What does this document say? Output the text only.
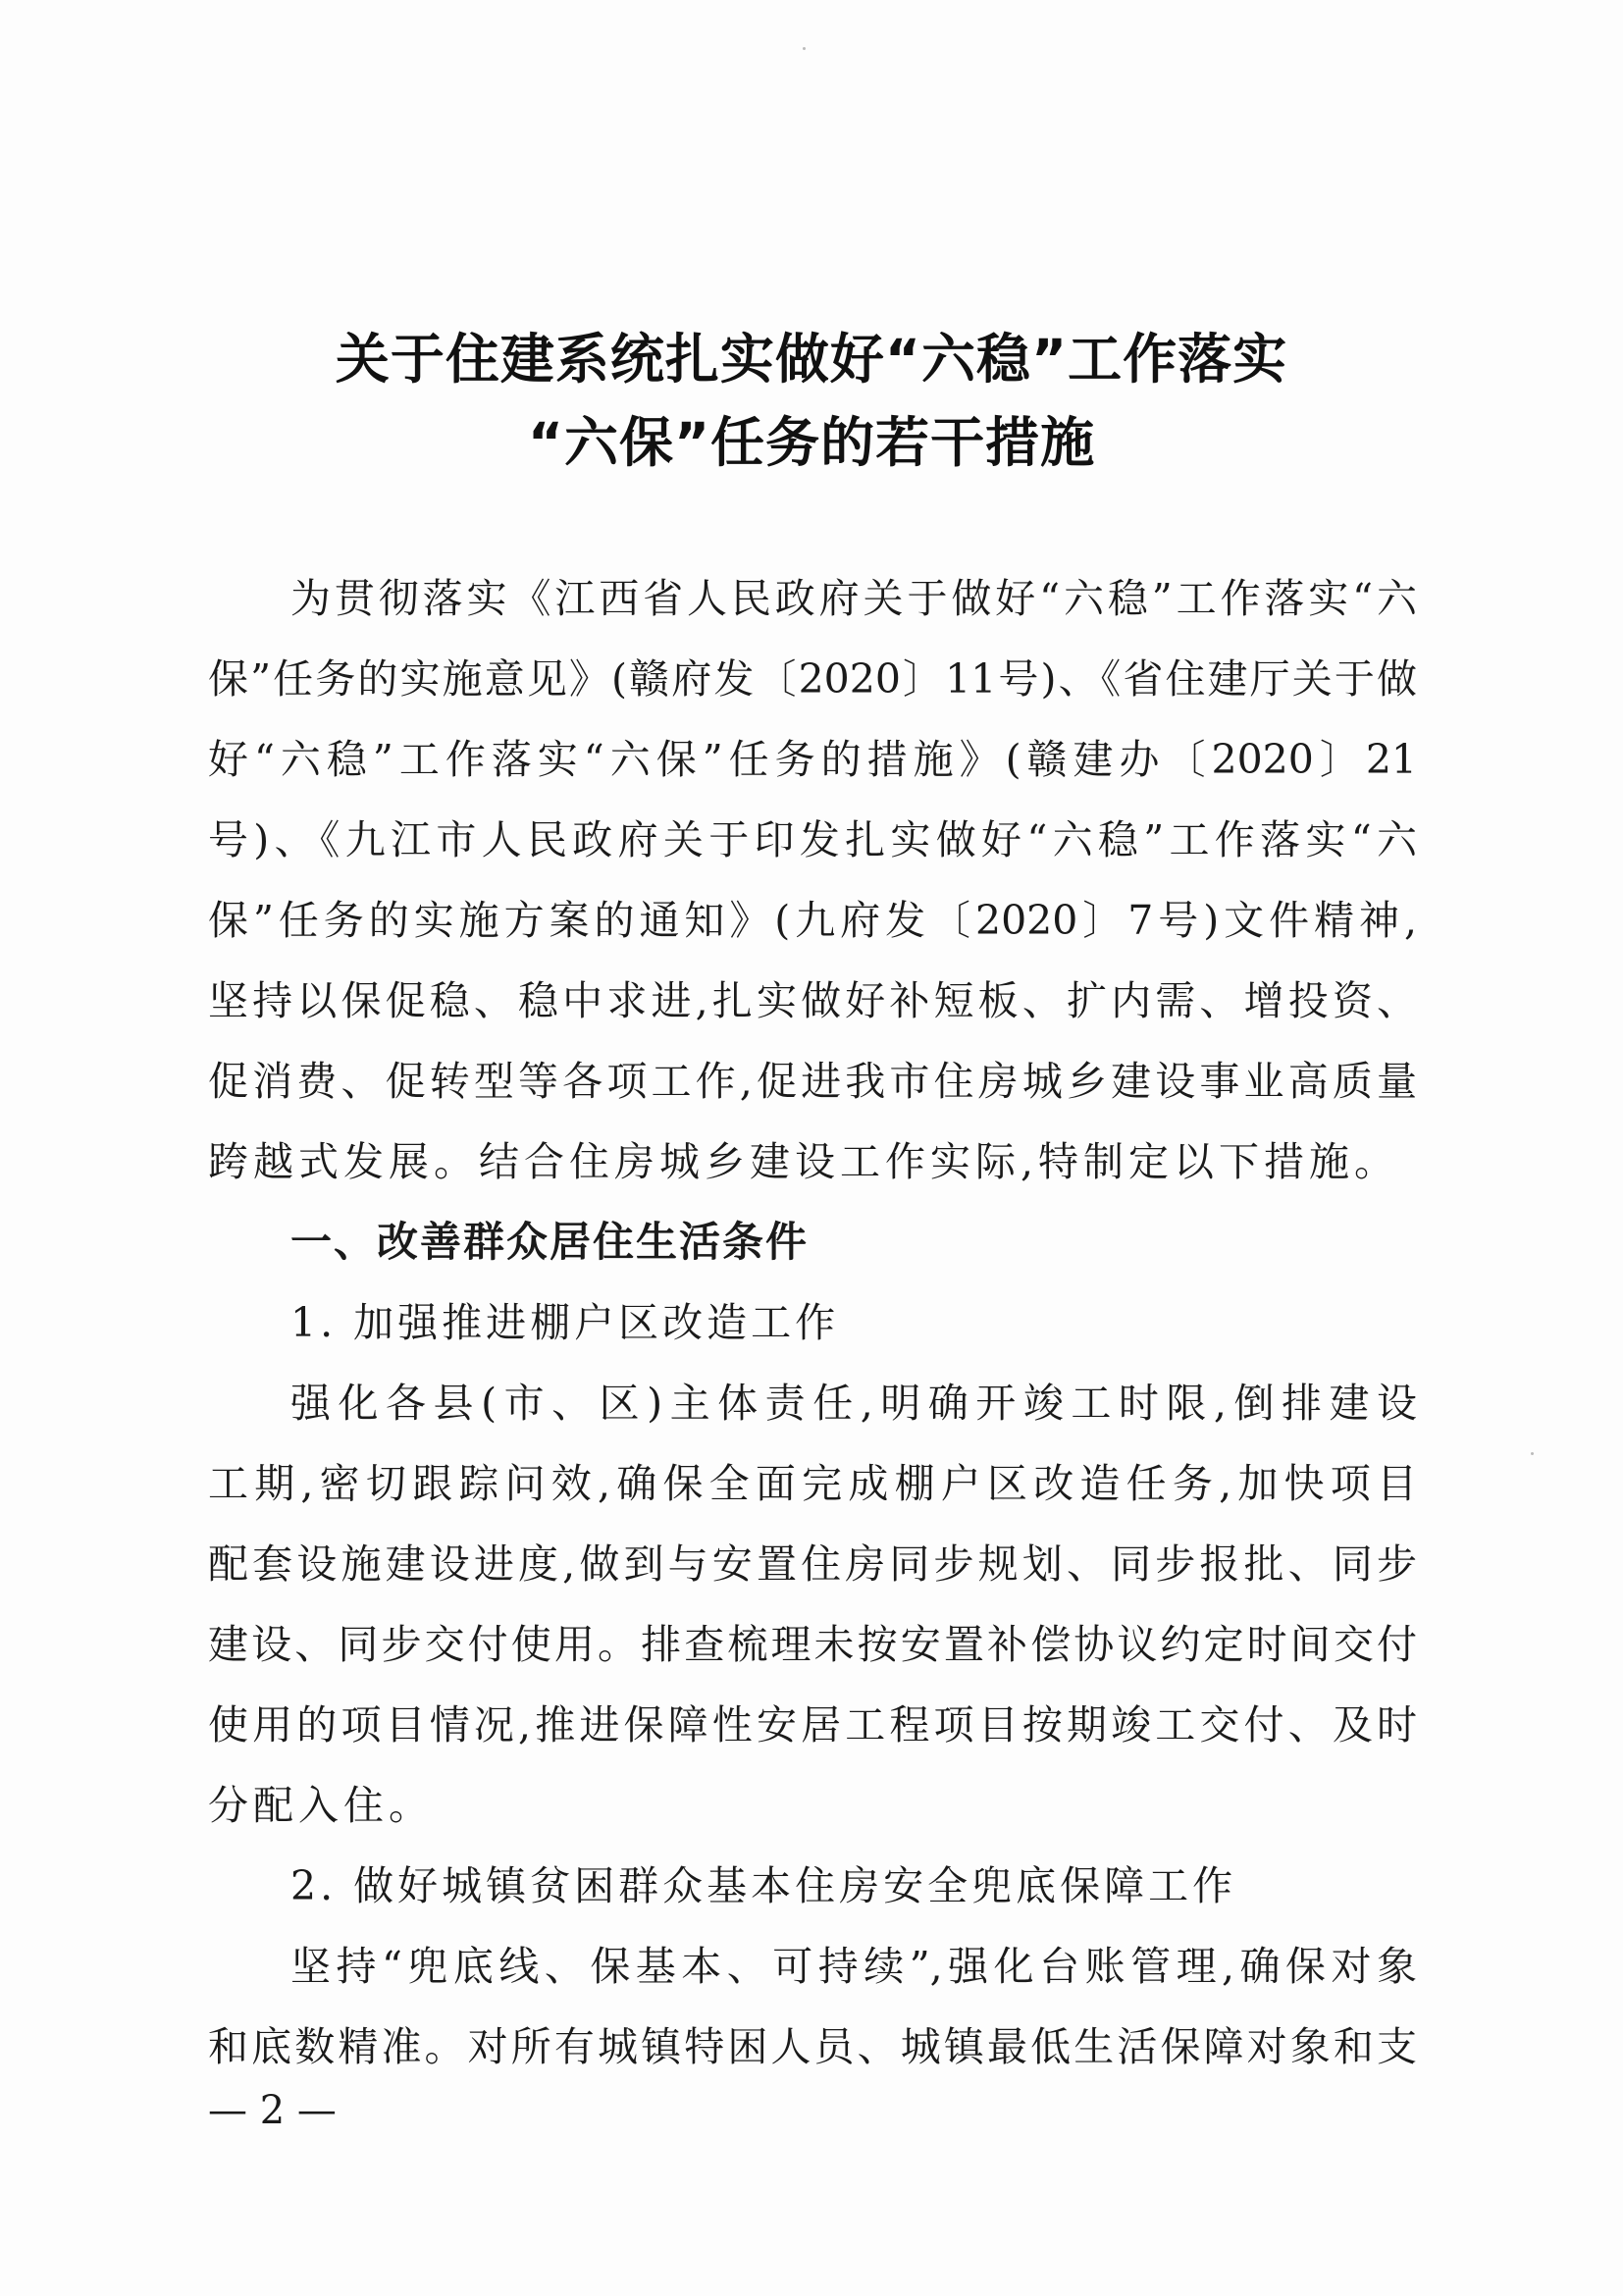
关于住建系统扎实做好“六稳”工作落实
“六保”任务的若干措施
为贯彻落实《江西省人民政府关于做好“六稳”工作落实“六
保”任务的实施意见》(赣府发〔2020〕11号)、《省住建厅关于做
好“六稳”工作落实“六保”任务的措施》(赣建办〔2020〕21
号)、《九江市人民政府关于印发扎实做好“六稳”工作落实“六
保”任务的实施方案的通知》(九府发〔2020〕7号)文件精神,
坚持以保促稳、稳中求进,扎实做好补短板、扩内需、增投资、
促消费、促转型等各项工作,促进我市住房城乡建设事业高质量
跨越式发展。结合住房城乡建设工作实际,特制定以下措施。
一、改善群众居住生活条件
1. 加强推进棚户区改造工作
强化各县(市、区)主体责任,明确开竣工时限,倒排建设
工期,密切跟踪问效,确保全面完成棚户区改造任务,加快项目
配套设施建设进度,做到与安置住房同步规划、同步报批、同步
建设、同步交付使用。排查梳理未按安置补偿协议约定时间交付
使用的项目情况,推进保障性安居工程项目按期竣工交付、及时
分配入住。
2. 做好城镇贫困群众基本住房安全兜底保障工作
坚持“兜底线、保基本、可持续”,强化台账管理,确保对象
和底数精准。对所有城镇特困人员、城镇最低生活保障对象和支
— 2 —
